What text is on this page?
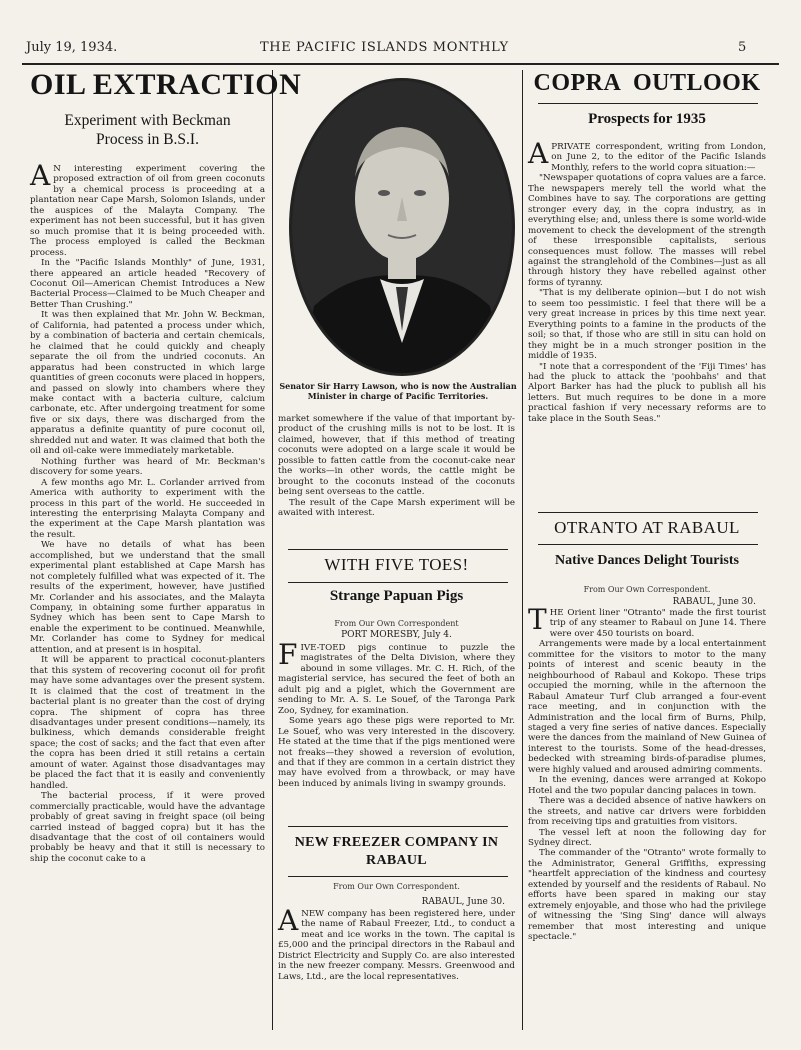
July 19, 1934.	THE PACIFIC ISLANDS MONTHLY	5
OIL EXTRACTION
Experiment with Beckman
Process in B.S.I.

A N interesting experiment covering the proposed extraction of oil from green coconuts by a chemical process is proceeding at a plantation near Cape Marsh, Solomon Islands, under the auspices of the Malayta Company. The experiment has not been successful, but it has given so much promise that it is being proceeded with. The process employed is called the Beckman process.

In the "Pacific Islands Monthly" of June, 1931, there appeared an article headed "Recovery of Coconut Oil—American Chemist Introduces a New Bacterial Process—Claimed to be Much Cheaper and Better Than Crushing."

It was then explained that Mr. John W. Beckman, of California, had patented a process under which, by a combination of bacteria and certain chemicals, he claimed that he could quickly and cheaply separate the oil from the undried coconuts. An apparatus had been constructed in which large quantities of green coconuts were placed in hoppers, and passed on slowly into chambers where they make contact with a bacteria culture, calcium carbonate, etc. After undergoing treatment for some five or six days, there was discharged from the apparatus a definite quantity of pure coconut oil, shredded nut and water. It was claimed that both the oil and oil-cake were immediately marketable.

Nothing further was heard of Mr. Beckman's discovery for some years.

A few months ago Mr. L. Corlander arrived from America with authority to experiment with the process in this part of the world. He succeeded in interesting the enterprising Malayta Company and the experiment at the Cape Marsh plantation was the result.

We have no details of what has been accomplished, but we understand that the small experimental plant established at Cape Marsh has not completely fulfilled what was expected of it. The results of the experiment, however, have justified Mr. Corlander and his associates, and the Malayta Company, in obtaining some further apparatus in Sydney which has been sent to Cape Marsh to enable the experiment to be continued. Meanwhile, Mr. Corlander has come to Sydney for medical attention, and at present is in hospital.

It will be apparent to practical coconut-planters that this system of recovering coconut oil for profit may have some advantages over the present system. It is claimed that the cost of treatment in the bacterial plant is no greater than the cost of drying copra. The shipment of copra has three disadvantages under present conditions—namely, its bulkiness, which demands considerable freight space; the cost of sacks; and the fact that even after the copra has been dried it still retains a certain amount of water. Against those disadvantages may be placed the fact that it is easily and conveniently handled.

The bacterial process, if it were proved commercially practicable, would have the advantage probably of great saving in freight space (oil being carried instead of bagged copra) but it has the disadvantage that the cost of oil containers would probably be heavy and that it still is necessary to ship the coconut cake to a

Senator Sir Harry Lawson, who is now the Australian Minister in charge of Pacific Territories.

market somewhere if the value of that important by-product of the crushing mills is not to be lost. It is claimed, however, that if this method of treating coconuts were adopted on a large scale it would be possible to fatten cattle from the coconut-cake near the works—in other words, the cattle might be brought to the coconuts instead of the coconuts being sent overseas to the cattle.

The result of the Cape Marsh experiment will be awaited with interest.

WITH FIVE TOES!
Strange Papuan Pigs
From Our Own Correspondent
PORT MORESBY, July 4.

FIVE-TOED pigs continue to puzzle the magistrates of the Delta Division, where they abound in some villages. Mr. C. H. Rich, of the magisterial service, has secured the feet of both an adult pig and a piglet, which the Government are sending to Mr. A. S. Le Souef, of the Taronga Park Zoo, Sydney, for examination.

Some years ago these pigs were reported to Mr. Le Souef, who was very interested in the discovery. He stated at the time that if the pigs mentioned were not freaks—they showed a reversion of evolution, and that if they are common in a certain district they may have evolved from a throwback, or may have been induced by animals living in swampy grounds.

NEW FREEZER COMPANY IN
RABAUL
From Our Own Correspondent.
RABAUL, June 30.

ANEW company has been registered here, under the name of Rabaul Freezer, Ltd., to conduct a meat and ice works in the town. The capital is £5,000 and the principal directors in the Rabaul and District Electricity and Supply Co. are also interested in the new freezer company. Messrs. Greenwood and Laws, Ltd., are the local representatives.

COPRA  OUTLOOK
Prospects for 1935

APRIVATE correspondent, writing from London, on June 2, to the editor of the Pacific Islands Monthly, refers to the world copra situation:—

"Newspaper quotations of copra values are a farce. The newspapers merely tell the world what the Combines have to say. The corporations are getting stronger every day, in the copra industry, as in everything else; and, unless there is some world-wide movement to check the development of the strength of these irresponsible capitalists, serious consequences must follow. The masses will rebel against the stranglehold of the Combines—just as all through history they have rebelled against other forms of tyranny.

"That is my deliberate opinion—but I do not wish to seem too pessimistic. I feel that there will be a very great increase in prices by this time next year. Everything points to a famine in the products of the soil; so that, if those who are still in situ can hold on they might be in a much stronger position in the middle of 1935.

"I note that a correspondent of the 'Fiji Times' has had the pluck to attack the 'poohbahs' and that Alport Barker has had the pluck to publish all his letters. But much requires to be done in a more practical fashion if very necessary reforms are to take place in the South Seas."

OTRANTO AT RABAUL
Native Dances Delight Tourists
From Our Own Correspondent.
RABAUL, June 30.

THE Orient liner "Otranto" made the first tourist trip of any steamer to Rabaul on June 14. There were over 450 tourists on board.

Arrangements were made by a local entertainment committee for the visitors to motor to the many points of interest and scenic beauty in the neighbourhood of Rabaul and Kokopo. These trips occupied the morning, while in the afternoon the Rabaul Amateur Turf Club arranged a four-event race meeting, and in conjunction with the Administration and the local firm of Burns, Philp, staged a very fine series of native dances. Especially were the dances from the mainland of New Guinea of interest to the tourists. Some of the head-dresses, bedecked with streaming birds-of-paradise plumes, were highly valued and aroused admiring comments.

In the evening, dances were arranged at Kokopo Hotel and the two popular dancing palaces in town.

There was a decided absence of native hawkers on the streets, and native car drivers were forbidden from receiving tips and gratuities from visitors.

The vessel left at noon the following day for Sydney direct.

The commander of the "Otranto" wrote formally to the Administrator, General Griffiths, expressing "heartfelt appreciation of the kindness and courtesy extended by yourself and the residents of Rabaul. No efforts have been spared in making our stay extremely enjoyable, and those who had the privilege of witnessing the 'Sing Sing' dance will always remember that most interesting and unique spectacle."
